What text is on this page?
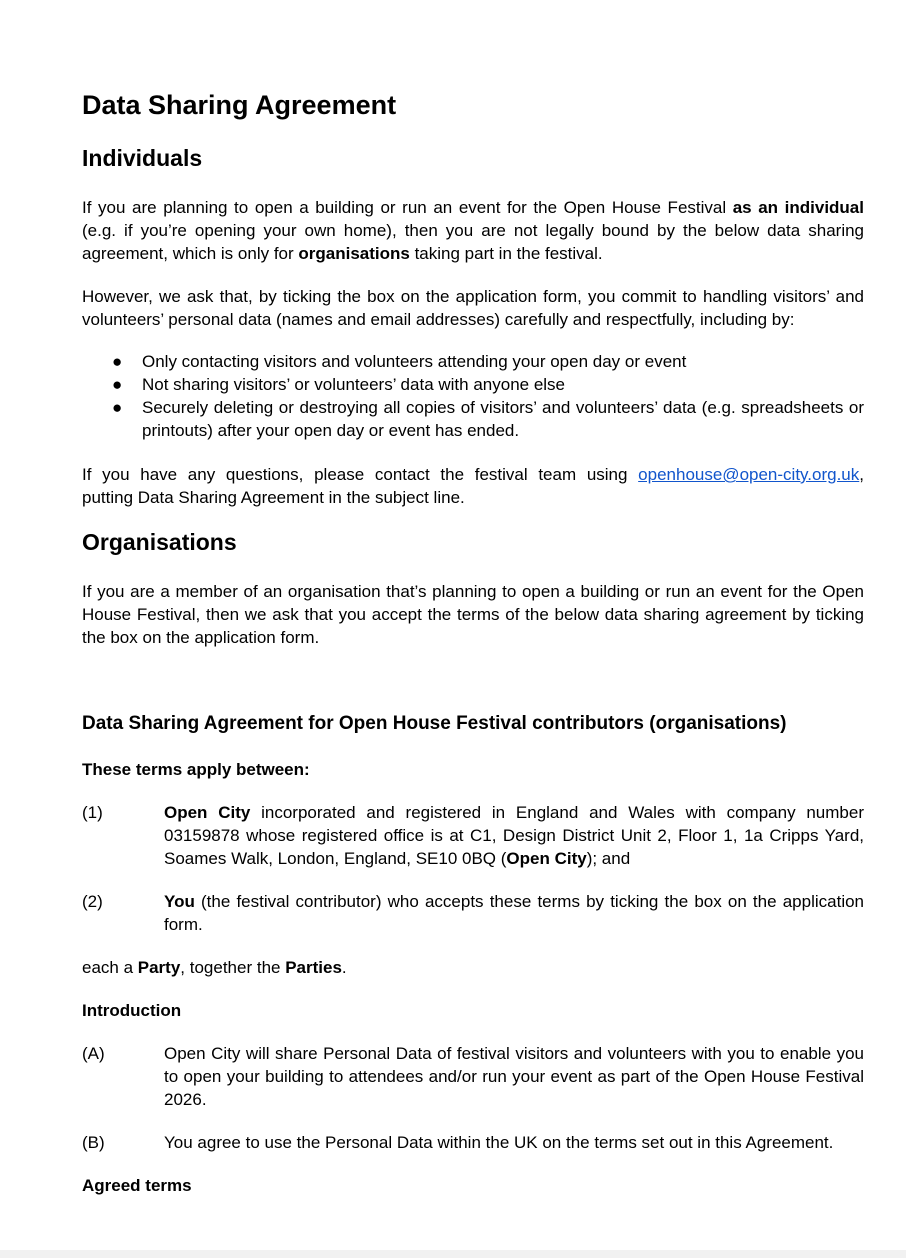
Data Sharing Agreement
Individuals

If you are planning to open a building or run an event for the Open House Festival as an individual (e.g. if you’re opening your own home), then you are not legally bound by the below data sharing agreement, which is only for organisations taking part in the festival.

However, we ask that, by ticking the box on the application form, you commit to handling visitors’ and volunteers’ personal data (names and email addresses) carefully and respectfully, including by:

● Only contacting visitors and volunteers attending your open day or event
● Not sharing visitors’ or volunteers’ data with anyone else
● Securely deleting or destroying all copies of visitors’ and volunteers’ data (e.g. spreadsheets or printouts) after your open day or event has ended.

If you have any questions, please contact the festival team using openhouse@open-city.org.uk,

putting Data Sharing Agreement in the subject line.

Organisations

If you are a member of an organisation that’s planning to open a building or run an event for the Open House Festival, then we ask that you accept the terms of the below data sharing agreement by ticking the box on the application form.

Data Sharing Agreement for Open House Festival contributors (organisations)

These terms apply between:

(1)	Open City incorporated and registered in England and Wales with company number 03159878 whose registered office is at C1, Design District Unit 2, Floor 1, 1a Cripps Yard, Soames Walk, London, England, SE10 0BQ (Open City); and
(2)	You (the festival contributor) who accepts these terms by ticking the box on the application form.

each a Party, together the Parties.

Introduction

(A)	Open City will share Personal Data of festival visitors and volunteers with you to enable you to open your building to attendees and/or run your event as part of the Open House Festival 2026.
(B)	You agree to use the Personal Data within the UK on the terms set out in this Agreement.

Agreed terms
